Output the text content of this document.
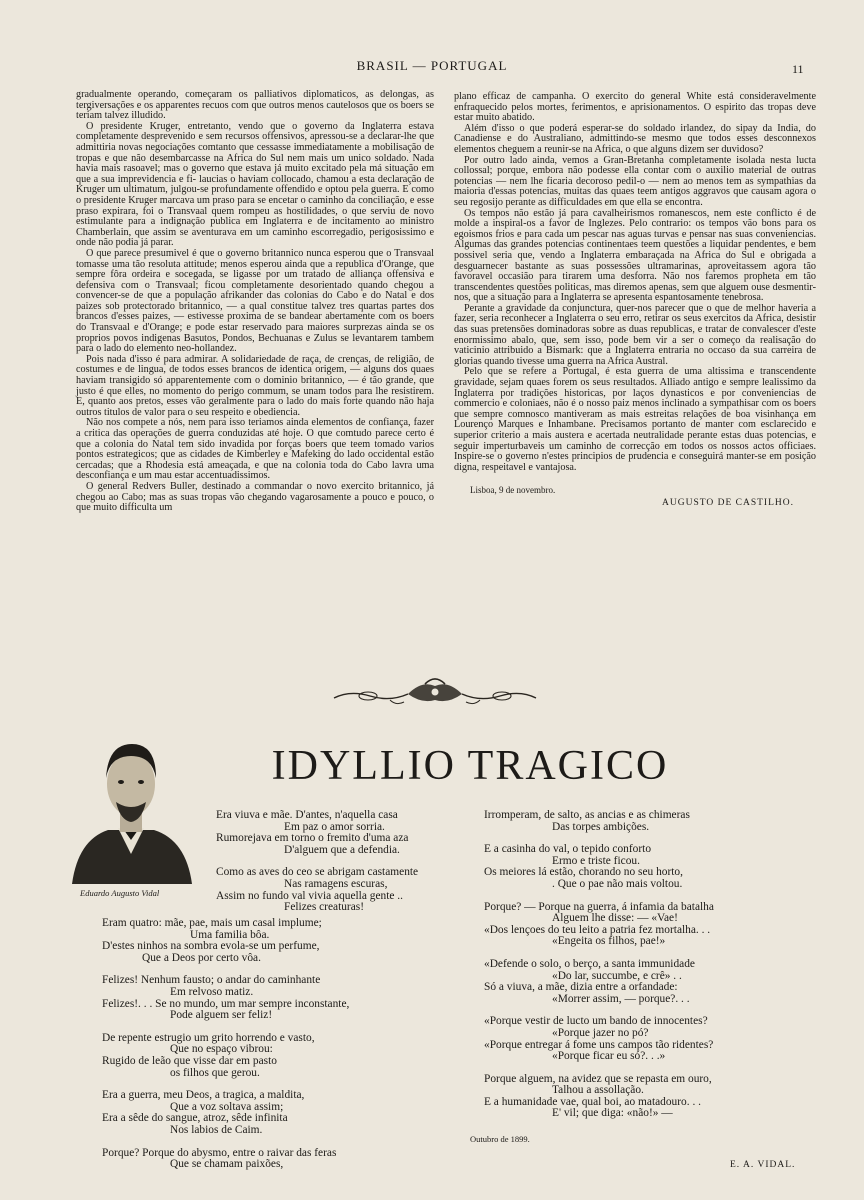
BRASIL — PORTUGAL	11

gradualmente operando, começaram os palliativos diplomaticos, as delongas, as tergiversações e os apparentes recuos com que outros menos cautelosos que os boers se teriam talvez illudido.

O presidente Kruger, entretanto, vendo que o governo da Inglaterra estava completamente desprevenido e sem recursos offensivos, apressou-se a declarar-lhe que admittiria novas negociações comtanto que cessasse immediatamente a mobilisação de tropas e que não desembarcasse na Africa do Sul nem mais um unico soldado. Nada havia mais rasoavel; mas o governo que estava já muito excitado pela má situação em que a sua imprevidencia e fi- laucias o haviam collocado, chamou a esta declaração de Kruger um ultimatum, julgou-se profundamente offendido e optou pela guerra. E como o presidente Kruger marcava um praso para se encetar o caminho da conciliação, e esse praso expirara, foi o Transvaal quem rompeu as hostilidades, o que serviu de novo estimulante para a indignação publica em Inglaterra e de incitamento ao ministro Chamberlain, que assim se aventurava em um caminho escorregadio, perigosissimo e onde não podia já parar.

O que parece presumivel é que o governo britannico nunca esperou que o Transvaal tomasse uma tão resoluta attitude; menos esperou ainda que a republica d'Orange, que sempre fôra ordeira e socegada, se ligasse por um tratado de alliança offensiva e defensiva com o Transvaal; ficou completamente desorientado quando chegou a convencer-se de que a população afrikander das colonias do Cabo e do Natal e dos paizes sob protectorado britannico, — a qual constitue talvez tres quartas partes dos brancos d'esses paizes, — estivesse proxima de se bandear abertamente com os boers do Transvaal e d'Orange; e pode estar reservado para maiores surprezas ainda se os proprios povos indigenas Basutos, Pondos, Bechuanas e Zulus se levantarem tambem para o lado do elemento neo-hollandez.

Pois nada d'isso é para admirar. A solidariedade de raça, de crenças, de religião, de costumes e de lingua, de todos esses brancos de identica origem, — alguns dos quaes haviam transigido só apparentemente com o dominio britannico, — é tão grande, que justo é que elles, no momento do perigo commum, se unam todos para lhe resistirem. E, quanto aos pretos, esses vão geralmente para o lado do mais forte quando não haja outros titulos de valor para o seu respeito e obediencia.

Não nos compete a nós, nem para isso teriamos ainda elementos de confiança, fazer a critica das operações de guerra conduzidas até hoje. O que comtudo parece certo é que a colonia do Natal tem sido invadida por forças boers que teem tomado varios pontos estrategicos; que as cidades de Kimberley e Mafeking do lado occidental estão cercadas; que a Rhodesia está ameaçada, e que na colonia toda do Cabo lavra uma desconfiança e um mau estar accentuadissimos.

O general Redvers Buller, destinado a commandar o novo exercito britannico, já chegou ao Cabo; mas as suas tropas vão chegando vagarosamente a pouco e pouco, o que muito difficulta um

plano efficaz de campanha. O exercito do general White está consideravelmente enfraquecido pelos mortes, ferimentos, e aprisionamentos. O espirito das tropas deve estar muito abatido.

Além d'isso o que poderá esperar-se do soldado irlandez, do sipay da India, do Canadiense e do Australiano, admittindo-se mesmo que todos esses desconnexos elementos cheguem a reunir-se na Africa, o que alguns dizem ser duvidoso?

Por outro lado ainda, vemos a Gran-Bretanha completamente isolada nesta lucta collossal; porque, embora não podesse ella contar com o auxilio material de outras potencias — nem lhe ficaria decoroso pedil-o — nem ao menos tem as sympathias da maioria d'essas potencias, muitas das quaes teem antigos aggravos que causam agora o seu regosijo perante as difficuldades em que ella se encontra.

Os tempos não estão já para cavalheirismos romanescos, nem este conflicto é de molde a inspiral-os a favor de Inglezes. Pelo contrario: os tempos vão bons para os egoismos frios e para cada um pescar nas aguas turvas e pensar nas suas conveniencias. Algumas das grandes potencias continentaes teem questões a liquidar pendentes, e bem possivel seria que, vendo a Inglaterra embaraçada na Africa do Sul e obrigada a desguarnecer bastante as suas possessões ultramarinas, aproveitassem agora tão favoravel occasião para tirarem uma desforra. Não nos faremos propheta em tão transcendentes questões politicas, mas diremos apenas, sem que alguem ouse desmentir-nos, que a situação para a Inglaterra se apresenta espantosamente tenebrosa.

Perante a gravidade da conjunctura, quer-nos parecer que o que de melhor haveria a fazer, seria reconhecer a Inglaterra o seu erro, retirar os seus exercitos da Africa, desistir das suas pretensões dominadoras sobre as duas republicas, e tratar de convalescer d'este enormissimo abalo, que, sem isso, pode bem vir a ser o começo da realisação do vaticinio attribuido a Bismark: que a Inglaterra entraria no occaso da sua carreira de glorias quando tivesse uma guerra na Africa Austral.

Pelo que se refere a Portugal, é esta guerra de uma altissima e transcendente gravidade, sejam quaes forem os seus resultados. Alliado antigo e sempre lealissimo da Inglaterra por tradições historicas, por laços dynasticos e por conveniencias de commercio e coloniaes, não é o nosso paiz menos inclinado a sympathisar com os boers que sempre comnosco mantiveram as mais estreitas relações de boa visinhança em Lourenço Marques e Inhambane. Precisamos portanto de manter com esclarecido e superior criterio a mais austera e acertada neutralidade perante estas duas potencias, e seguir imperturbaveis um caminho de correcção em todos os nossos actos officiaes. Inspire-se o governo n'estes principios de prudencia e conseguirá manter-se em posição digna, respeitavel e vantajosa.

Lisboa, 9 de novembro.
AUGUSTO DE CASTILHO.
Eduardo Augusto Vidal
IDYLLIO TRAGICO
Era viuva e mãe. D'antes, n'aquella casa
Em paz o amor sorria.
Rumorejava em torno o fremito d'uma aza
D'alguem que a defendia.
Como as aves do ceo se abrigam castamente
Nas ramagens escuras,
Assim no fundo val vivia aquella gente ..
Felizes creaturas!
Eram quatro: mãe, pae, mais um casal implume;
Uma familia bôa.
D'estes ninhos na sombra evola-se um perfume,
Que a Deos por certo vôa.
Felizes! Nenhum fausto; o andar do caminhante
Em relvoso matiz.
Felizes!. . . Se no mundo, um mar sempre inconstante,
Pode alguem ser feliz!
De repente estrugio um grito horrendo e vasto,
Que no espaço vibrou:
Rugido de leão que visse dar em pasto
os filhos que gerou.
Era a guerra, meu Deos, a tragica, a maldita,
Que a voz soltava assim;
Era a sêde do sangue, atroz, sêde infinita
Nos labios de Caim.
Porque? Porque do abysmo, entre o raivar das feras
Que se chamam paixões,
Irromperam, de salto, as ancias e as chimeras
Das torpes ambições.
E a casinha do val, o tepido conforto
Ermo e triste ficou.
Os meiores lá estão, chorando no seu horto,
. Que o pae não mais voltou.
Porque? — Porque na guerra, á infamia da batalha
Alguem lhe disse: — «Vae!
«Dos lençoes do teu leito a patria fez mortalha. . .
«Engeita os filhos, pae!»
«Defende o solo, o berço, a santa immunidade
«Do lar, succumbe, e crê» . .
Só a viuva, a mãe, dizia entre a orfandade:
«Morrer assim, — porque?. . .
«Porque vestir de lucto um bando de innocentes?
«Porque jazer no pó?
«Porque entregar á fome uns campos tão ridentes?
«Porque ficar eu só?. . .»
Porque alguem, na avidez que se repasta em ouro,
Talhou a assollação.
E a humanidade vae, qual boi, ao matadouro. . .
E' vil; que diga: «não!» —
Outubro de 1899.
E. A. VIDAL.
